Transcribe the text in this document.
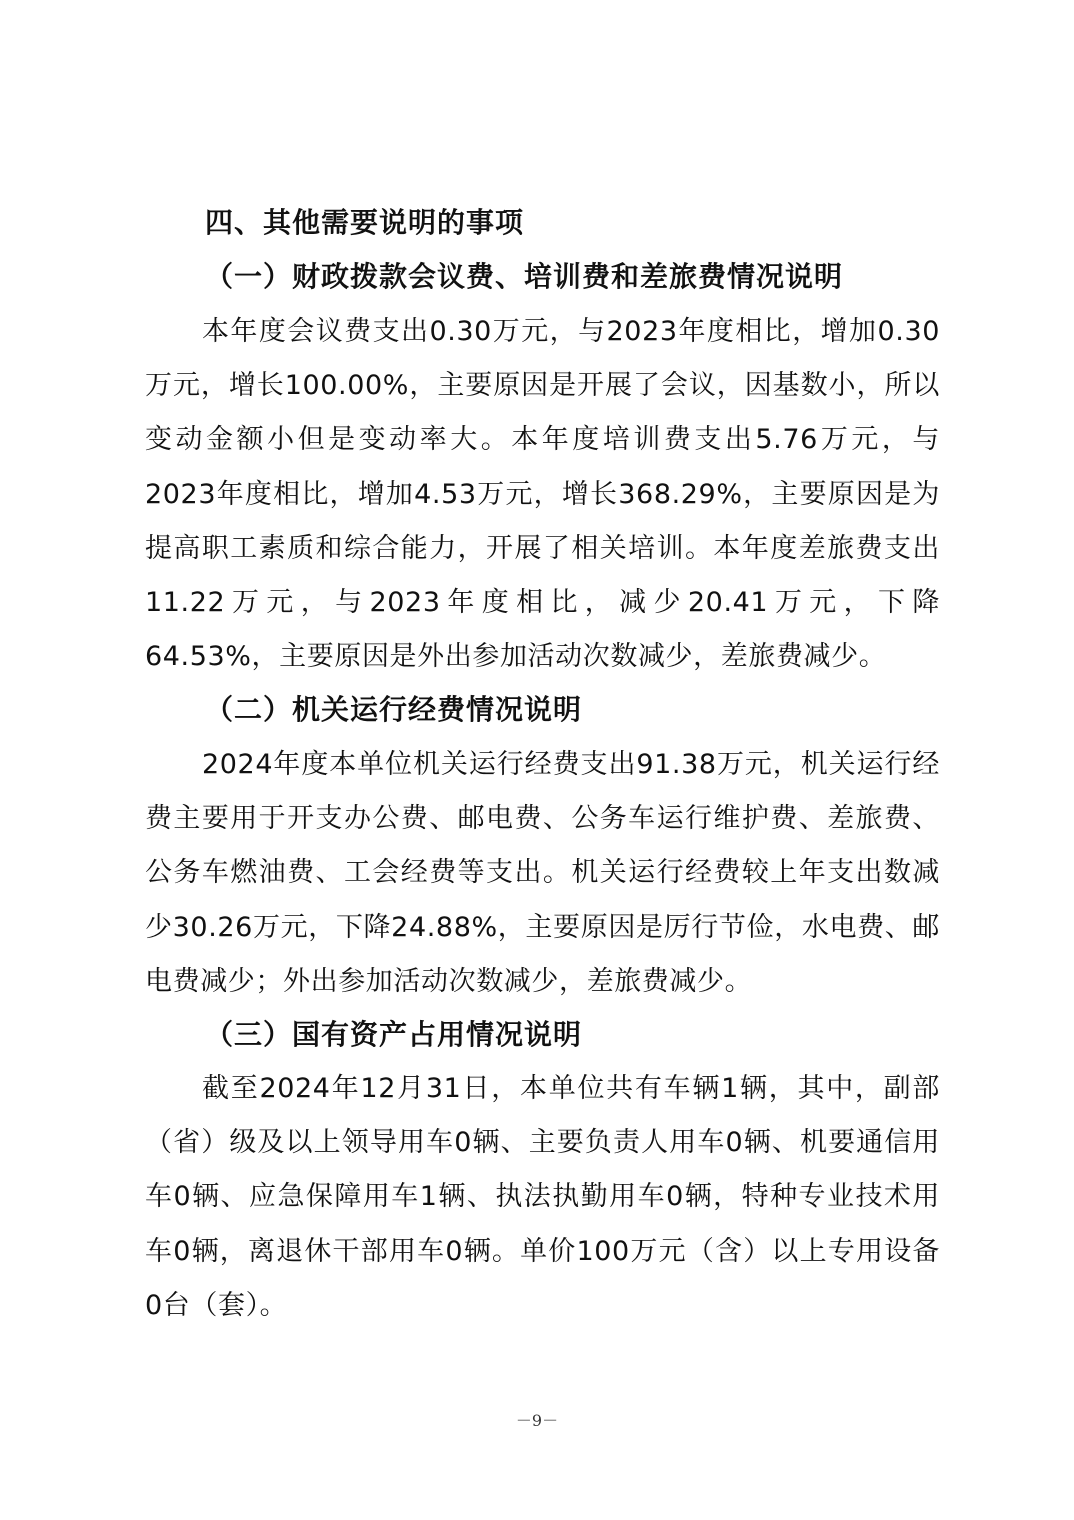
四、其他需要说明的事项
（一）财政拨款会议费、培训费和差旅费情况说明
本年度会议费支出0.30万元，与2023年度相比，增加0.30万元，增长100.00%，主要原因是开展了会议，因基数小，所以变动金额小但是变动率大。本年度培训费支出5.76万元，与2023年度相比，增加4.53万元，增长368.29%，主要原因是为提高职工素质和综合能力，开展了相关培训。本年度差旅费支出11.22万元，与2023年度相比，减少20.41万元，下降64.53%，主要原因是外出参加活动次数减少，差旅费减少。
（二）机关运行经费情况说明
2024年度本单位机关运行经费支出91.38万元，机关运行经费主要用于开支办公费、邮电费、公务车运行维护费、差旅费、公务车燃油费、工会经费等支出。机关运行经费较上年支出数减少30.26万元，下降24.88%，主要原因是厉行节俭，水电费、邮电费减少；外出参加活动次数减少，差旅费减少。
（三）国有资产占用情况说明
截至2024年12月31日，本单位共有车辆1辆，其中，副部（省）级及以上领导用车0辆、主要负责人用车0辆、机要通信用车0辆、应急保障用车1辆、执法执勤用车0辆，特种专业技术用车0辆，离退休干部用车0辆。单价100万元（含）以上专用设备0台（套）。
－9－
